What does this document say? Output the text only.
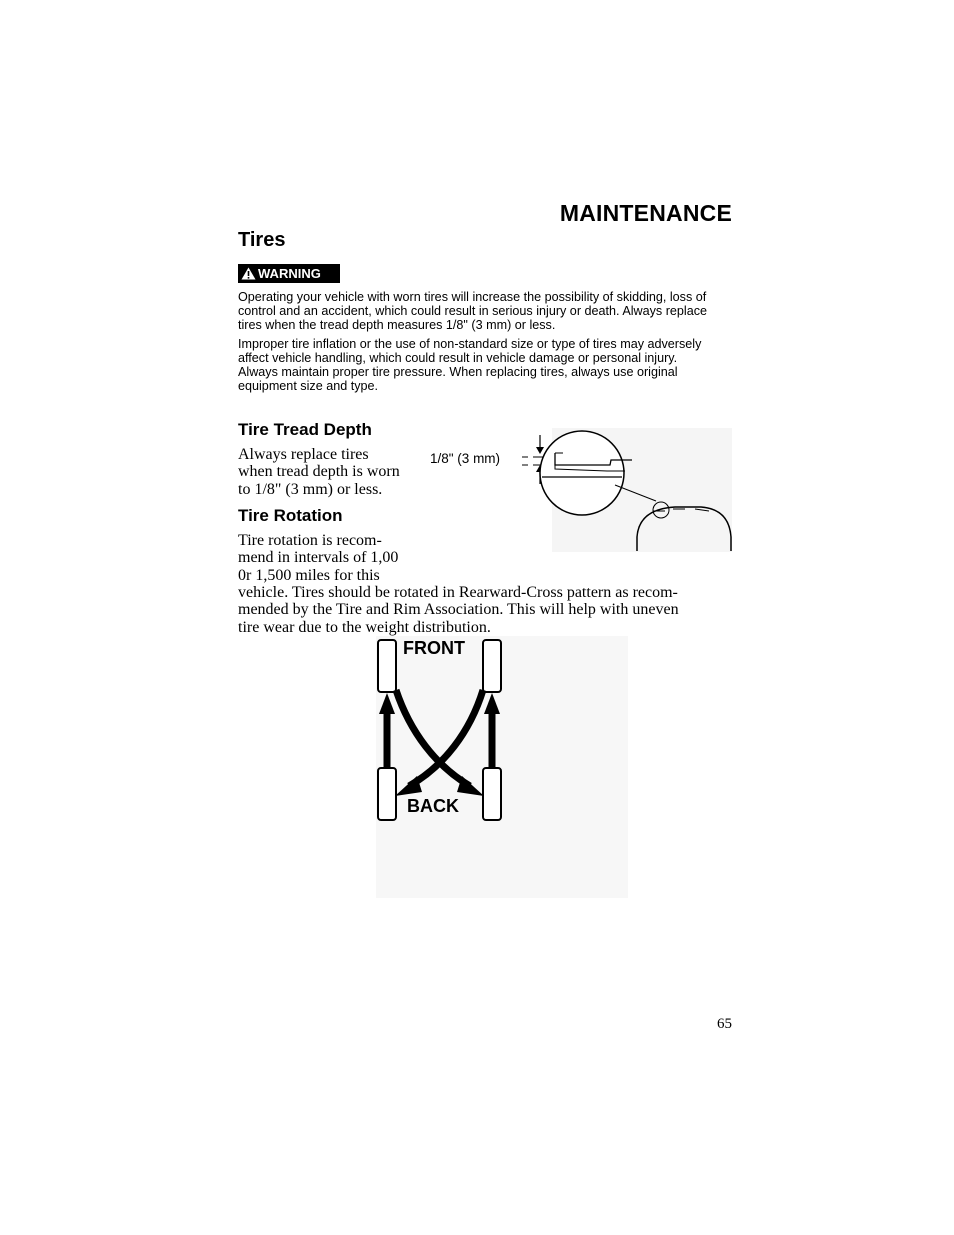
MAINTENANCE
Tires
WARNING

Operating your vehicle with worn tires will increase the possibility of skidding, loss of control and an accident, which could result in serious injury or death. Always replace tires when the tread depth measures 1/8" (3 mm) or less.

Improper tire inflation or the use of non-standard size or type of tires may adversely affect vehicle handling, which could result in vehicle damage or personal injury. Always maintain proper tire pressure. When replacing tires, always use original equipment size and type.

Tire Tread Depth
Always replace tires
when tread depth is worn
to 1/8" (3 mm) or less.
1/8" (3 mm)
Tire Rotation
Tire rotation is recom-
mend in intervals of 1,00
0r 1,500 miles for this
vehicle. Tires should be rotated in Rearward-Cross pattern as recom-
mended by the Tire and Rim Association. This will help with uneven
tire wear due to the weight distribution.
FRONT
BACK
65
